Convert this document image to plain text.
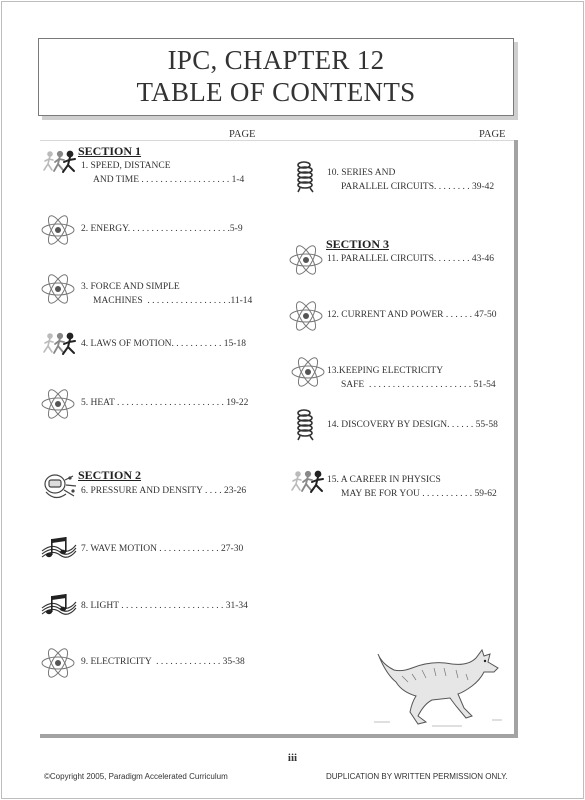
IPC, CHAPTER 12
TABLE OF CONTENTS
PAGE	PAGE
SECTION 1
SECTION 2
SECTION 3
1. SPEED, DISTANCE
AND TIME . . . . . . . . . . . . . . . . . . . 1-4
2. ENERGY. . . . . . . . . . . . . . . . . . . . . .5-9
3. FORCE AND SIMPLE
MACHINES  . . . . . . . . . . . . . . . . . .11-14
4. LAWS OF MOTION. . . . . . . . . . . 15-18
5. HEAT . . . . . . . . . . . . . . . . . . . . . . . 19-22
6. PRESSURE AND DENSITY . . . . 23-26
7. WAVE MOTION . . . . . . . . . . . . . 27-30
8. LIGHT . . . . . . . . . . . . . . . . . . . . . . 31-34
9. ELECTRICITY  . . . . . . . . . . . . . . 35-38
10. SERIES AND
PARALLEL CIRCUITS. . . . . . . . 39-42
11. PARALLEL CIRCUITS. . . . . . . . 43-46
12. CURRENT AND POWER . . . . . . 47-50
13.KEEPING ELECTRICITY
SAFE  . . . . . . . . . . . . . . . . . . . . . . 51-54
14. DISCOVERY BY DESIGN. . . . . . 55-58
15. A CAREER IN PHYSICS
MAY BE FOR YOU . . . . . . . . . . . 59-62
iii
©Copyright 2005, Paradigm Accelerated Curriculum	DUPLICATION BY WRITTEN PERMISSION ONLY.
